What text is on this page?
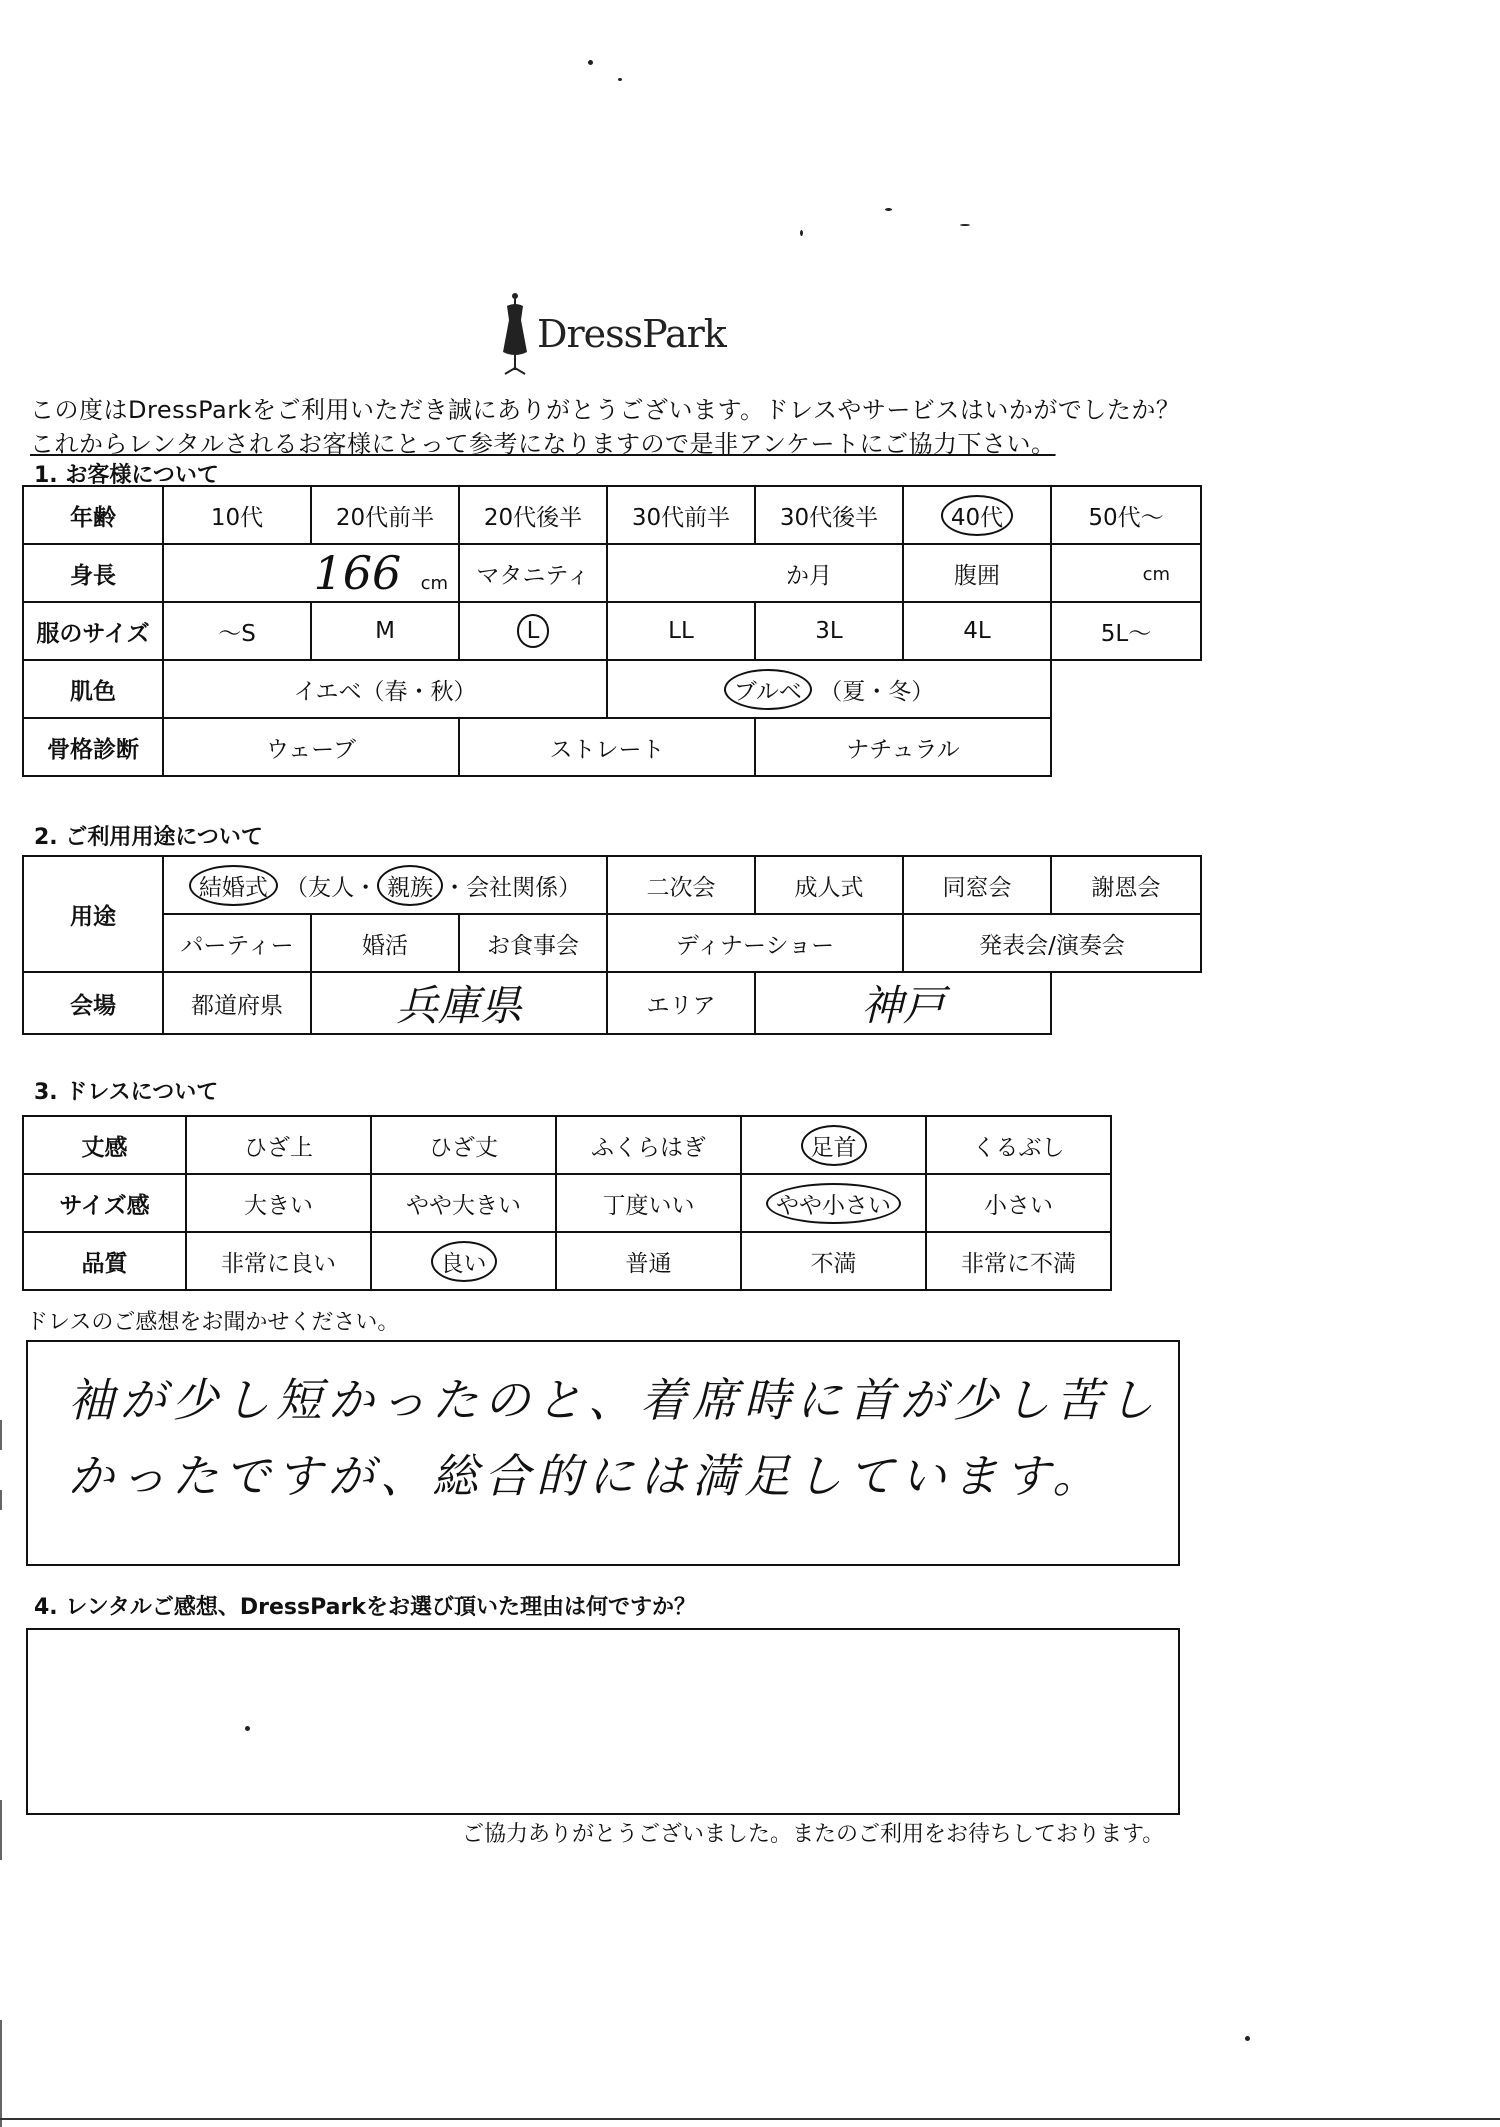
DressPark
この度はDressParkをご利用いただき誠にありがとうございます。ドレスやサービスはいかがでしたか？
これからレンタルされるお客様にとって参考になりますので是非アンケートにご協力下さい。
1. お客様について
年齢	10代	20代前半	20代後半	30代前半	30代後半	40代	50代〜
身長	166 cm		マタニティ	か月		腹囲	cm
服のサイズ	〜S	M	L	LL	3L	4L	5L〜
肌色	イエベ（春・秋）			ブルベ （夏・冬）			
骨格診断	ウェーブ		ストレート		ナチュラル		
2. ご利用用途について
用途	結婚式 （友人・ 親族 ・会社関係）			二次会	成人式	同窓会	謝恩会
	パーティー	婚活	お食事会	ディナーショー		発表会/演奏会	
会場	都道府県	兵庫県		エリア	神戸		
3. ドレスについて
丈感	ひざ上	ひざ丈	ふくらはぎ	足首	くるぶし
サイズ感	大きい	やや大きい	丁度いい	やや小さい	小さい
品質	非常に良い	良い	普通	不満	非常に不満
ドレスのご感想をお聞かせください。
袖が少し短かったのと、着席時に首が少し苦し
かったですが、総合的には満足しています。
4. レンタルご感想、DressParkをお選び頂いた理由は何ですか？
ご協力ありがとうございました。またのご利用をお待ちしております。
